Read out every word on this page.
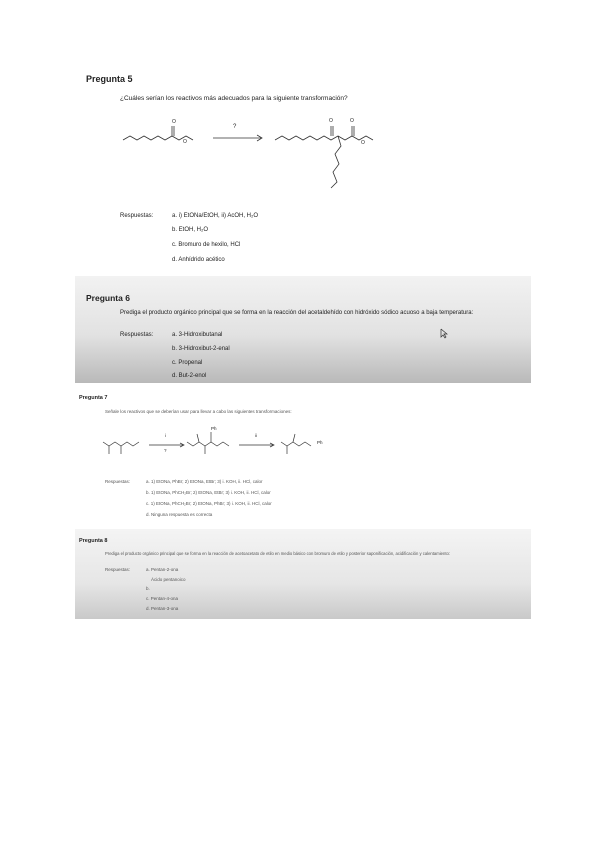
Pregunta 5
¿Cuáles serían los reactivos más adecuados para la siguiente transformación?
O
O
?
O	O
O
Respuestas:	a. i) EtONa/EtOH, ii) AcOH, H₂O
b. EtOH, H₂O
c. Bromuro de hexilo, HCl
d. Anhídrido acético
Pregunta 6
Prediga el producto orgánico principal que se forma en la reacción del acetaldehído con hidróxido sódico acuoso a baja temperatura:
Respuestas:	a. 3-Hidroxibutanal
b. 3-Hidroxibut-2-enal
c. Propenal
d. But-2-enol
Pregunta 7
Señale los reactivos que se deberían usar para llevar a cabo las siguientes transformaciones:
i
?
Ph
ii
Ph
Respuestas:	a. 1) EtONa, PhBr; 2) EtONa, EtBr; 3) i. KOH, ii. HCl, calor
b. 1) EtONa, PhCH₂Br; 2) EtONa, EtBr; 3) i. KOH, ii. HCl, calor
c. 1) EtONa, PhCH₂Br; 2) EtONa, PhBr; 3) i. KOH, ii. HCl, calor
d. Ninguna respuesta es correcta
Pregunta 8
Prediga el producto orgánico principal que se forma en la reacción de acetoacetato de etilo en medio básico con bromuro de etilo y posterior saponificación, acidificación y calentamiento:
Respuestas:	a. Pentan-2-ona
Ácido pentanoico
b.
c. Pentan-4-ona
d. Pentan-3-ona
